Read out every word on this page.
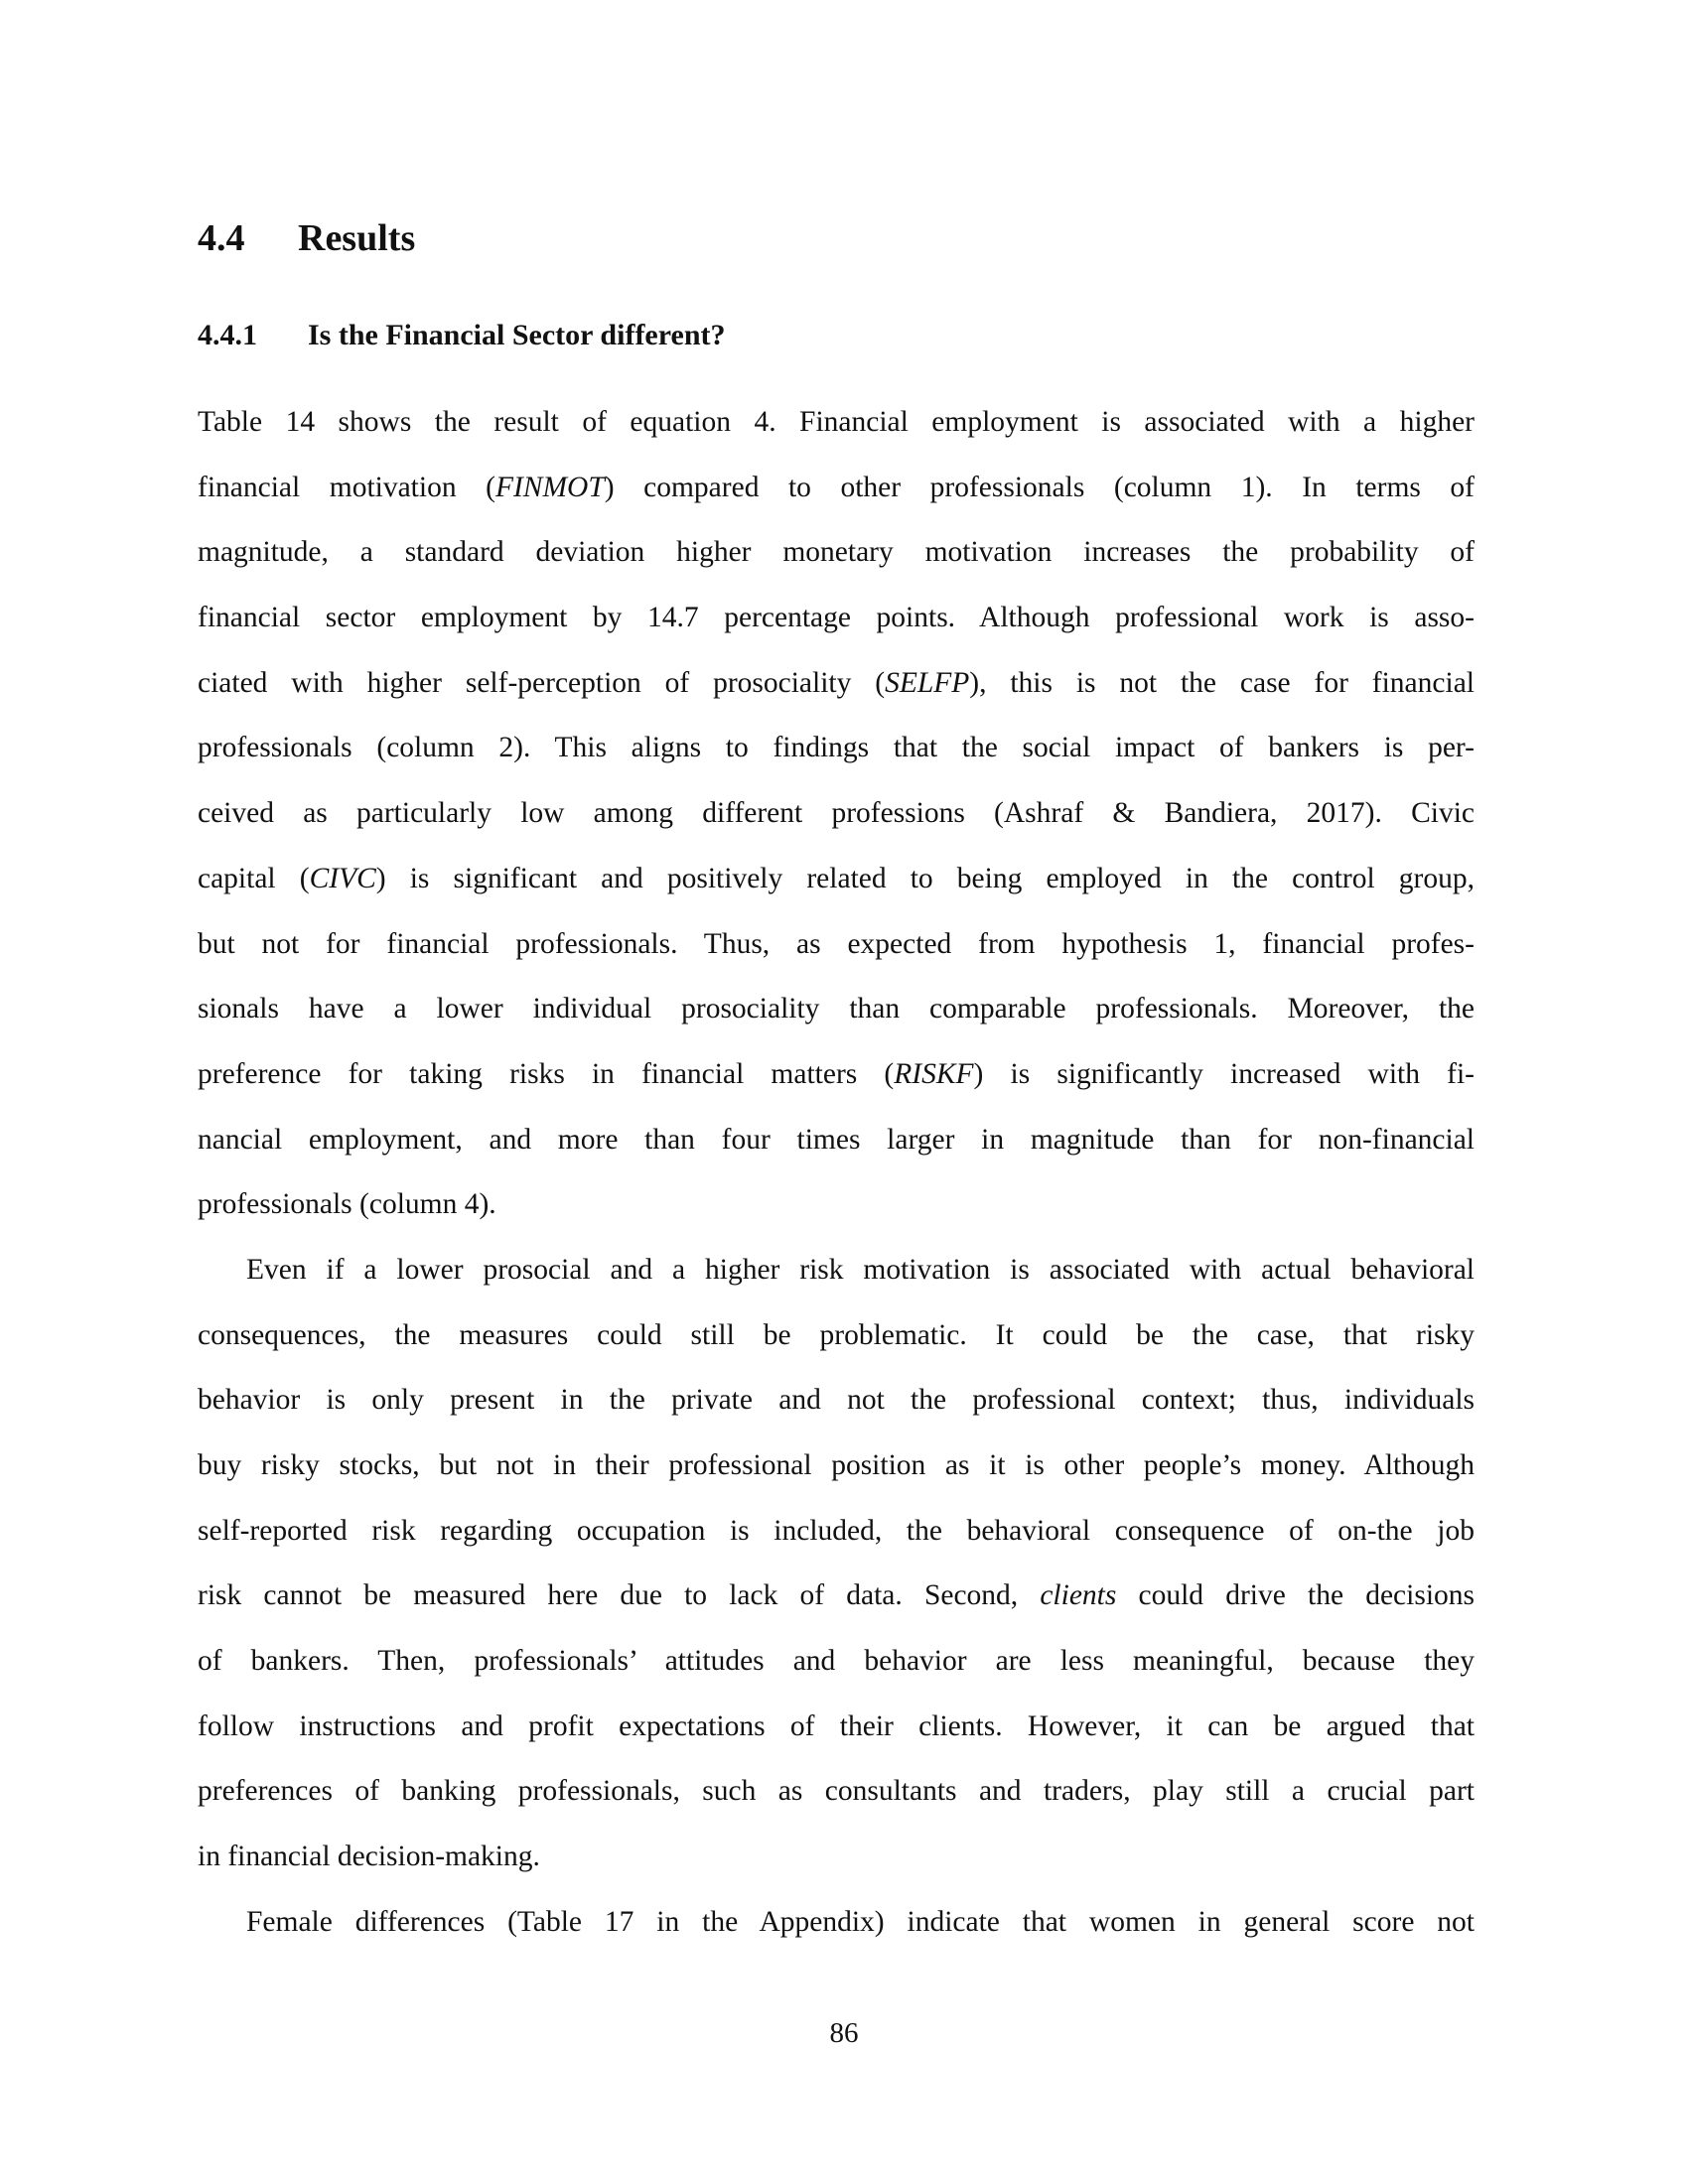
4.4 Results
4.4.1 Is the Financial Sector different?
Table 14 shows the result of equation 4. Financial employment is associated with a higher
financial motivation (FINMOT) compared to other professionals (column 1). In terms of
magnitude, a standard deviation higher monetary motivation increases the probability of
financial sector employment by 14.7 percentage points. Although professional work is asso-
ciated with higher self-perception of prosociality (SELFP), this is not the case for financial
professionals (column 2). This aligns to findings that the social impact of bankers is per-
ceived as particularly low among different professions (Ashraf & Bandiera, 2017). Civic
capital (CIVC) is significant and positively related to being employed in the control group,
but not for financial professionals. Thus, as expected from hypothesis 1, financial profes-
sionals have a lower individual prosociality than comparable professionals. Moreover, the
preference for taking risks in financial matters (RISKF) is significantly increased with fi-
nancial employment, and more than four times larger in magnitude than for non-financial
professionals (column 4).
Even if a lower prosocial and a higher risk motivation is associated with actual behavioral
consequences, the measures could still be problematic. It could be the case, that risky
behavior is only present in the private and not the professional context; thus, individuals
buy risky stocks, but not in their professional position as it is other people’s money. Although
self-reported risk regarding occupation is included, the behavioral consequence of on-the job
risk cannot be measured here due to lack of data. Second, clients could drive the decisions
of bankers. Then, professionals’ attitudes and behavior are less meaningful, because they
follow instructions and profit expectations of their clients. However, it can be argued that
preferences of banking professionals, such as consultants and traders, play still a crucial part
in financial decision-making.
Female differences (Table 17 in the Appendix) indicate that women in general score not
86
